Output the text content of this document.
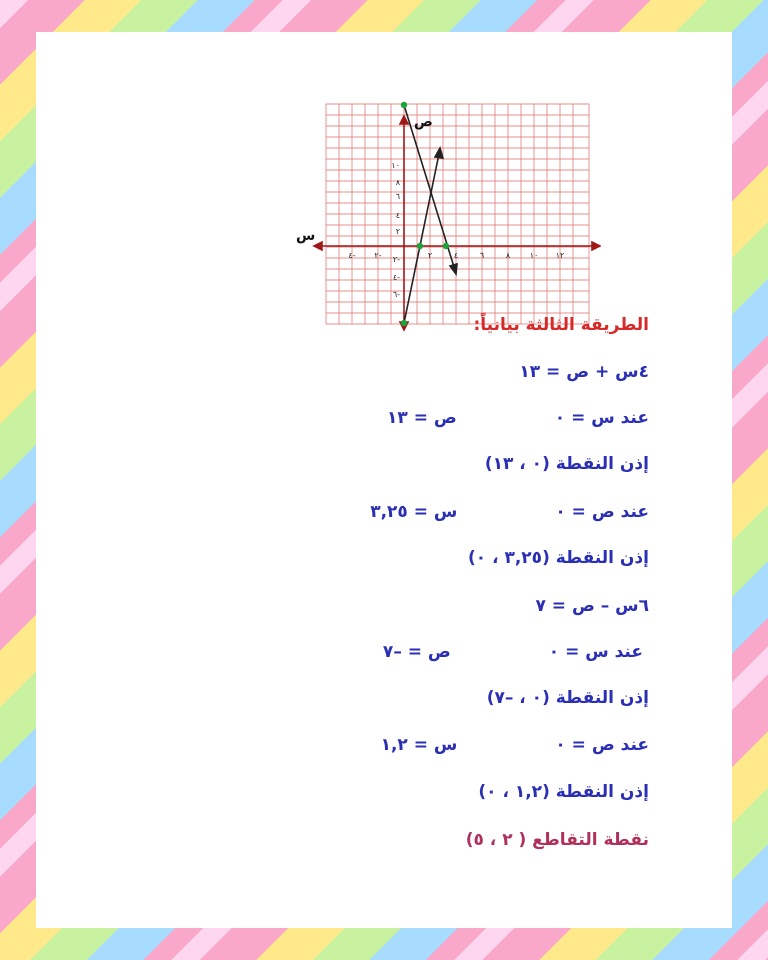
ص
س
١٠
٨
٦
٤
٢
٢-
٤-
٦-
٢	٤	٦	٨ ١٠ ١٢
٢-
٤-
الطريقة الثالثة بيانياً:
٤س + ص = ١٣
عند س = ٠ص = ١٣
إذن النقطة (٠ ، ١٣)
عند ص = ٠س = ٣,٢٥
إذن النقطة (٣,٢٥ ، ٠)
٦س – ص = ٧
عند س = ٠ص = –٧
إذن النقطة (٠ ، –٧)
عند ص = ٠س = ١,٢
إذن النقطة (١,٢ ، ٠)
نقطة التقاطع ( ٢ ، ٥)
